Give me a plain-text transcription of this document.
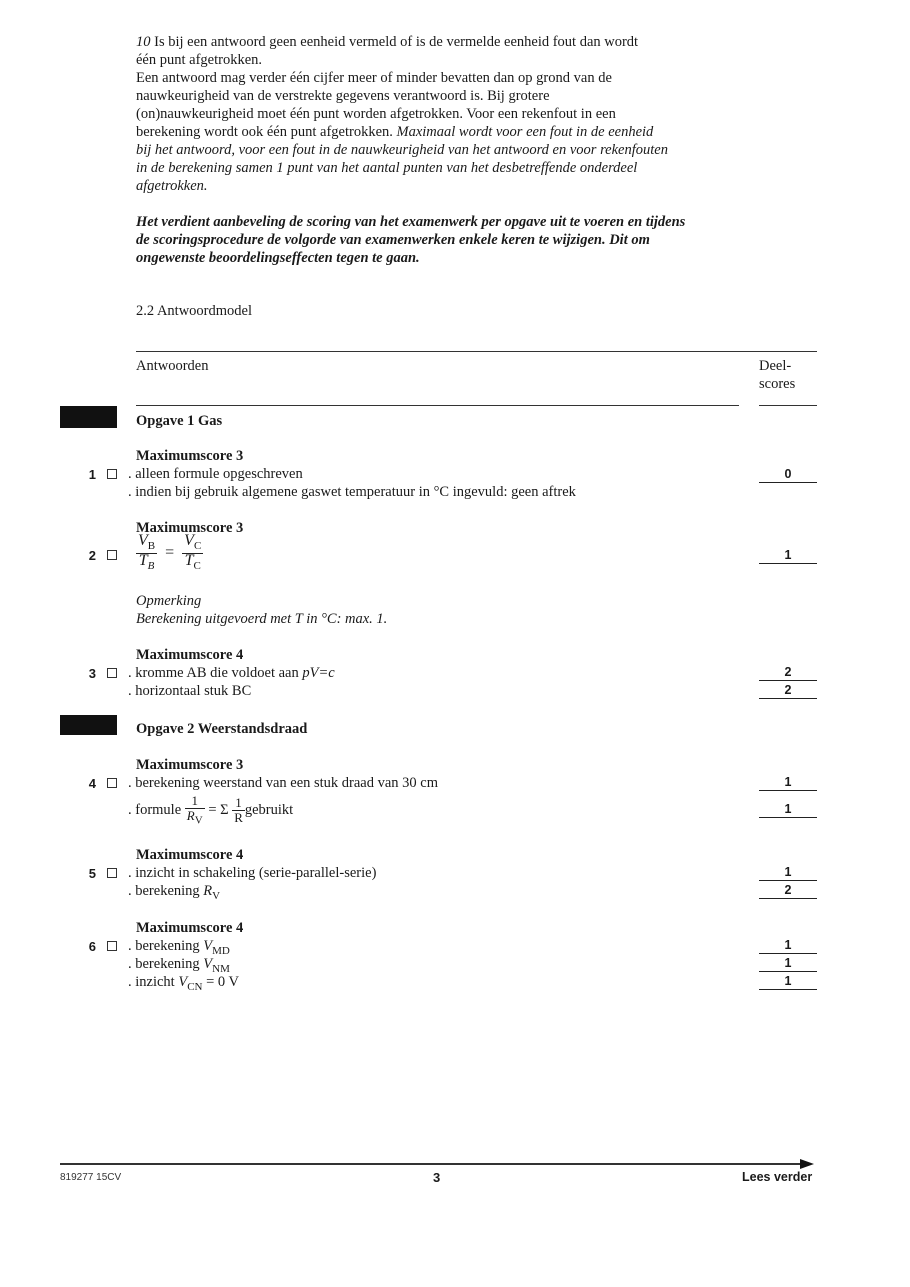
10 Is bij een antwoord geen eenheid vermeld of is de vermelde eenheid fout dan wordt
één punt afgetrokken.
Een antwoord mag verder één cijfer meer of minder bevatten dan op grond van de
nauwkeurigheid van de verstrekte gegevens verantwoord is. Bij grotere
(on)nauwkeurigheid moet één punt worden afgetrokken. Voor een rekenfout in een
berekening wordt ook één punt afgetrokken. Maximaal wordt voor een fout in de eenheid
bij het antwoord, voor een fout in de nauwkeurigheid van het antwoord en voor rekenfouten
in de berekening samen 1 punt van het aantal punten van het desbetreffende onderdeel
afgetrokken.
Het verdient aanbeveling de scoring van het examenwerk per opgave uit te voeren en tijdens
de scoringsprocedure de volgorde van examenwerken enkele keren te wijzigen. Dit om
ongewenste beoordelingseffecten tegen te gaan.
2.2 Antwoordmodel
Antwoorden	Deel-
scores
Opgave 1 Gas
Maximumscore 3
1 . alleen formule opgeschreven	0
. indien bij gebruik algemene gaswet temperatuur in °C ingevuld: geen aftrek
Maximumscore 3
2	$\frac{V_B}{T_B} = \frac{V_C}{T_C}$	1
Opmerking
Berekening uitgevoerd met T in °C: max. 1.
Maximumscore 4
3 . kromme AB die voldoet aan pV=c	2
. horizontaal stuk BC	2
Opgave 2 Weerstandsdraad
Maximumscore 3
4 . berekening weerstand van een stuk draad van 30 cm	1
. formule $\frac{1}{R_V} = \Sigma \frac{1}{R}$ gebruikt	1
Maximumscore 4
5 . inzicht in schakeling (serie-parallel-serie)	1
. berekening $R_V$	2
Maximumscore 4
6 . berekening $V_{MD}$	1
. berekening $V_{NM}$	1
. inzicht $V_{CN} = 0$ V	1
819277 15CV	3	Lees verder
